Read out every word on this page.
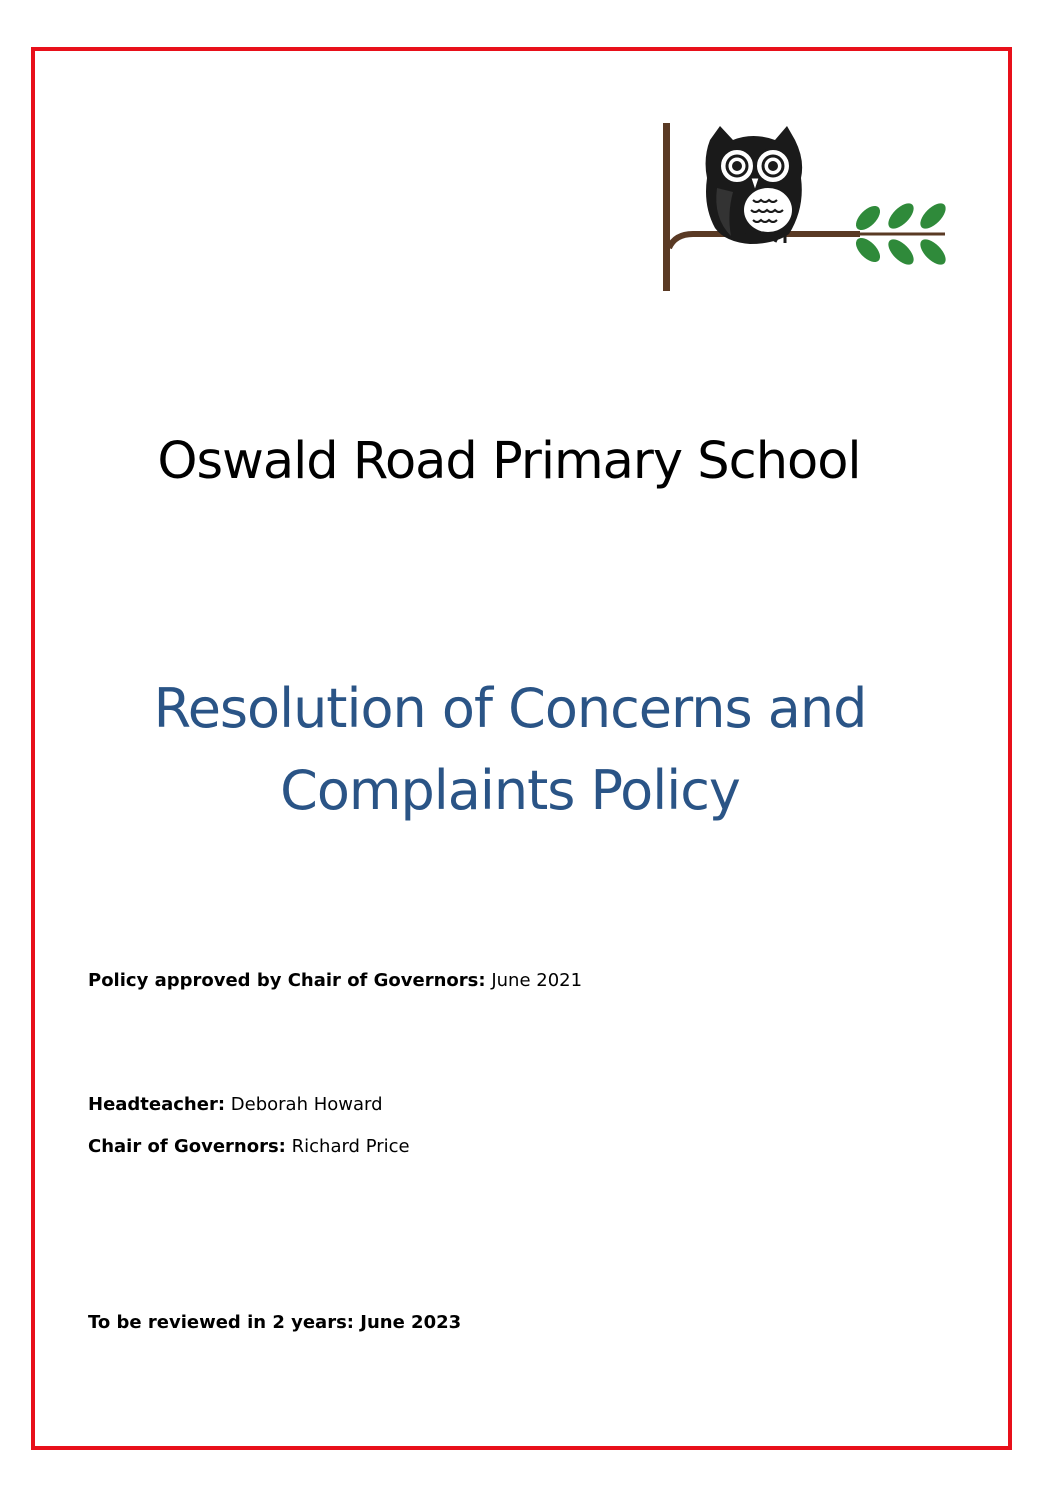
Oswald Road Primary School
Resolution of Concerns and
Complaints Policy
Policy approved by Chair of Governors: June 2021
Headteacher: Deborah Howard
Chair of Governors: Richard Price
To be reviewed in 2 years: June 2023
